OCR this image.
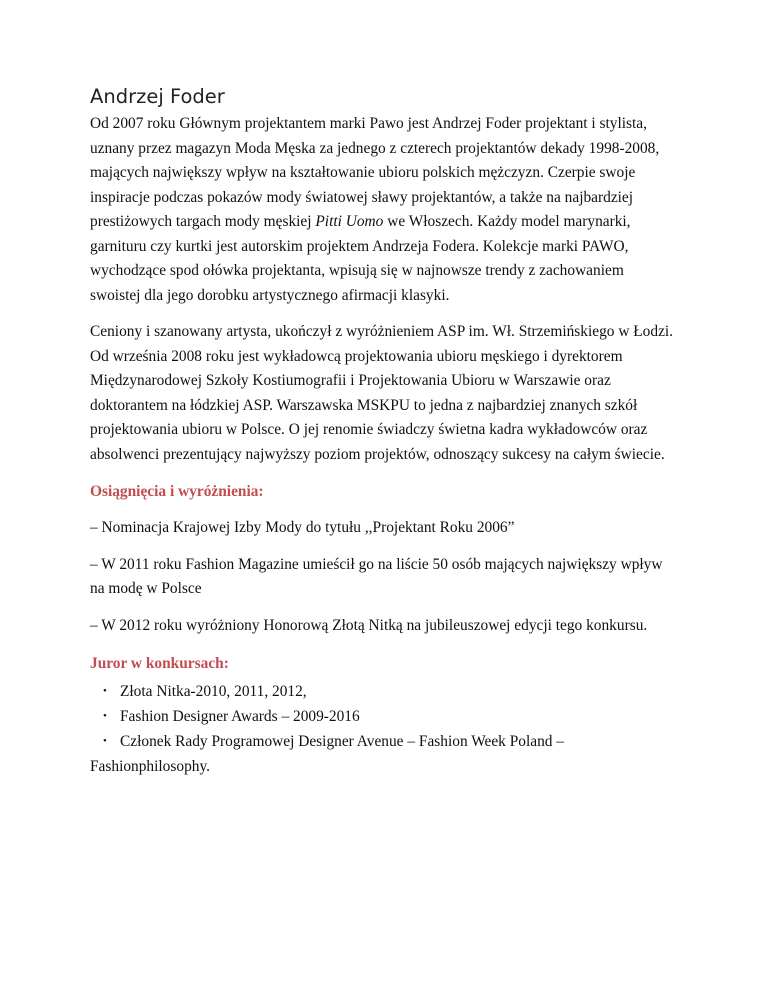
Andrzej Foder

Od 2007 roku Głównym projektantem marki Pawo jest Andrzej Foder projektant i stylista, uznany przez magazyn Moda Męska za jednego z czterech projektantów dekady 1998-2008, mających największy wpływ na kształtowanie ubioru polskich mężczyzn. Czerpie swoje inspiracje podczas pokazów mody światowej sławy projektantów, a także na najbardziej prestiżowych targach mody męskiej Pitti Uomo we Włoszech. Każdy model marynarki, garnituru czy kurtki jest autorskim projektem Andrzeja Fodera. Kolekcje marki PAWO, wychodzące spod ołówka projektanta, wpisują się w najnowsze trendy z zachowaniem swoistej dla jego dorobku artystycznego afirmacji klasyki.

Ceniony i szanowany artysta, ukończył z wyróżnieniem ASP im. Wł. Strzemińskiego w Łodzi. Od września 2008 roku jest wykładowcą projektowania ubioru męskiego i dyrektorem Międzynarodowej Szkoły Kostiumografii i Projektowania Ubioru w Warszawie oraz doktorantem na łódzkiej ASP. Warszawska MSKPU to jedna z najbardziej znanych szkół projektowania ubioru w Polsce. O jej renomie świadczy świetna kadra wykładowców oraz absolwenci prezentujący najwyższy poziom projektów, odnoszący sukcesy na całym świecie.

Osiągnięcia i wyróżnienia:

– Nominacja Krajowej Izby Mody do tytułu ,,Projektant Roku 2006”

– W 2011 roku Fashion Magazine umieścił go na liście 50 osób mających największy wpływ na modę w Polsce

– W 2012 roku wyróżniony Honorową Złotą Nitką na jubileuszowej edycji tego konkursu.

Juror w konkursach:

• Złota Nitka-2010, 2011, 2012,
• Fashion Designer Awards – 2009-2016
• Członek Rady Programowej Designer Avenue – Fashion Week Poland – Fashionphilosophy.
